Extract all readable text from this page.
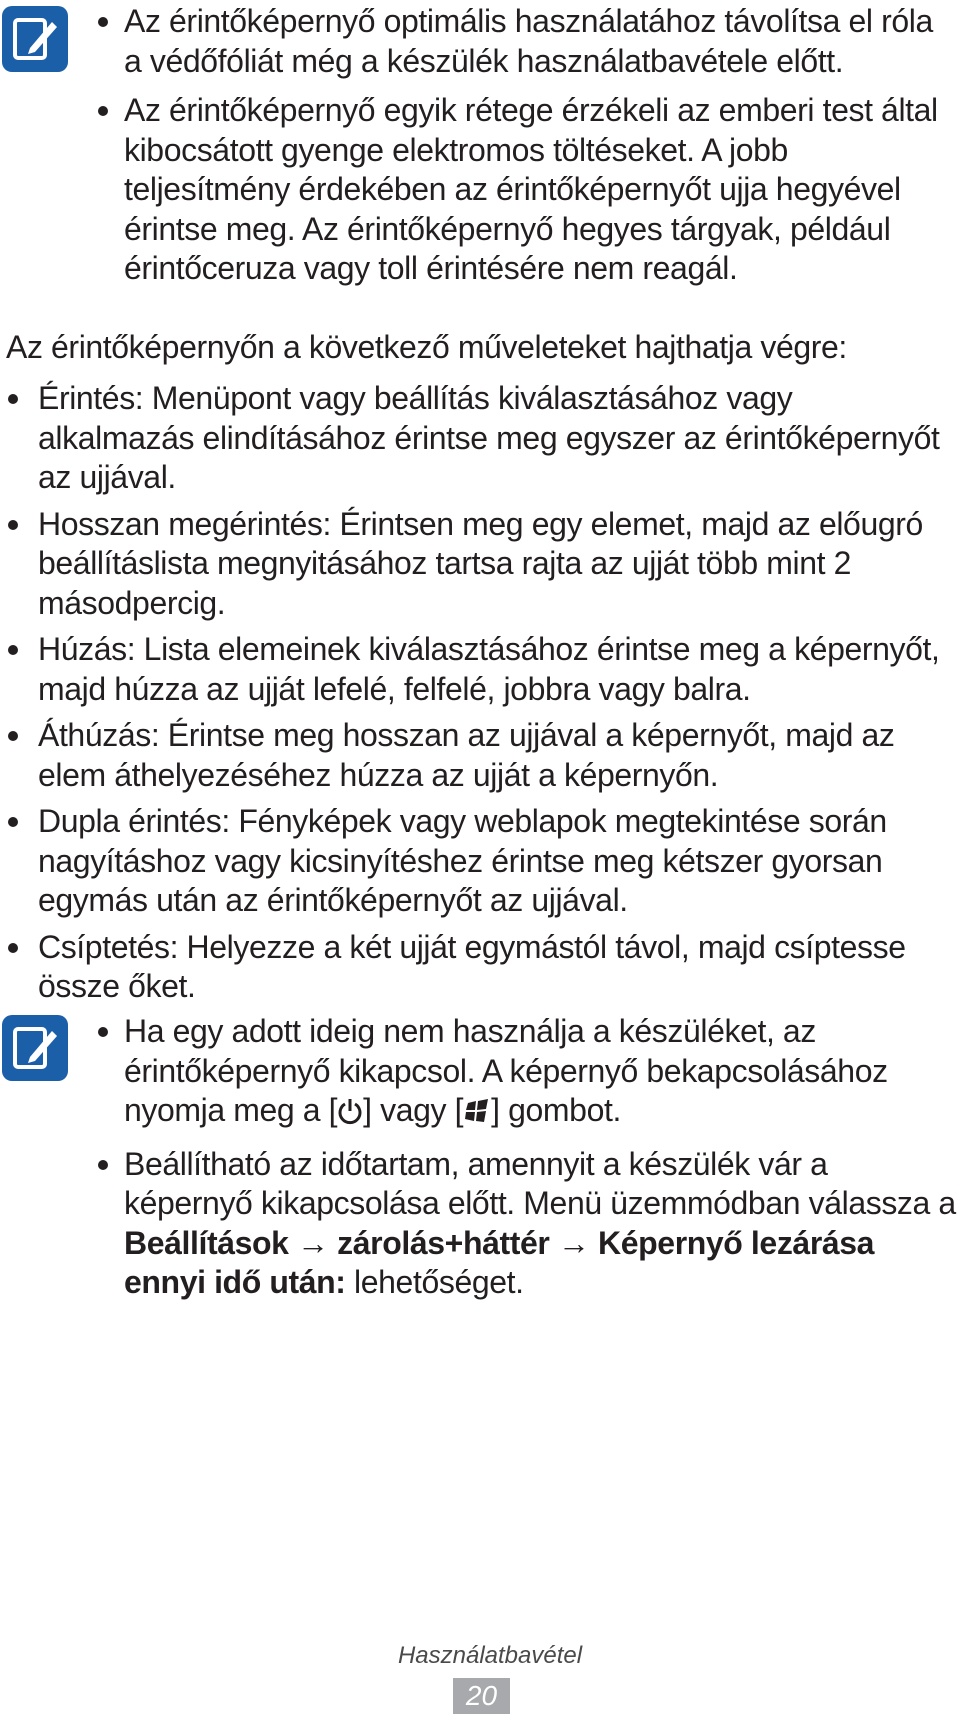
Az érintőképernyő optimális használatához távolítsa el róla a védőfóliát még a készülék használatbavétele előtt.
Az érintőképernyő egyik rétege érzékeli az emberi test által kibocsátott gyenge elektromos töltéseket. A jobb teljesítmény érdekében az érintőképernyőt ujja hegyével érintse meg. Az érintőképernyő hegyes tárgyak, például érintőceruza vagy toll érintésére nem reagál.

Az érintőképernyőn a következő műveleteket hajthatja végre:

Érintés: Menüpont vagy beállítás kiválasztásához vagy alkalmazás elindításához érintse meg egyszer az érintőképernyőt az ujjával.
Hosszan megérintés: Érintsen meg egy elemet, majd az előugró beállításlista megnyitásához tartsa rajta az ujját több mint 2 másodpercig.
Húzás: Lista elemeinek kiválasztásához érintse meg a képernyőt, majd húzza az ujját lefelé, felfelé, jobbra vagy balra.
Áthúzás: Érintse meg hosszan az ujjával a képernyőt, majd az elem áthelyezéséhez húzza az ujját a képernyőn.
Dupla érintés: Fényképek vagy weblapok megtekintése során nagyításhoz vagy kicsinyítéshez érintse meg kétszer gyorsan egymás után az érintőképernyőt az ujjával.
Csíptetés: Helyezze a két ujját egymástól távol, majd csíptesse össze őket.
Ha egy adott ideig nem használja a készüléket, az érintőképernyő kikapcsol. A képernyő bekapcsolásához nyomja meg a [ ] vagy [ ] gombot.
Beállítható az időtartam, amennyit a készülék vár a képernyő kikapcsolása előtt. Menü üzemmódban válassza a Beállítások → zárolás+háttér → Képernyő lezárása ennyi idő után: lehetőséget.
Használatbavétel
20
